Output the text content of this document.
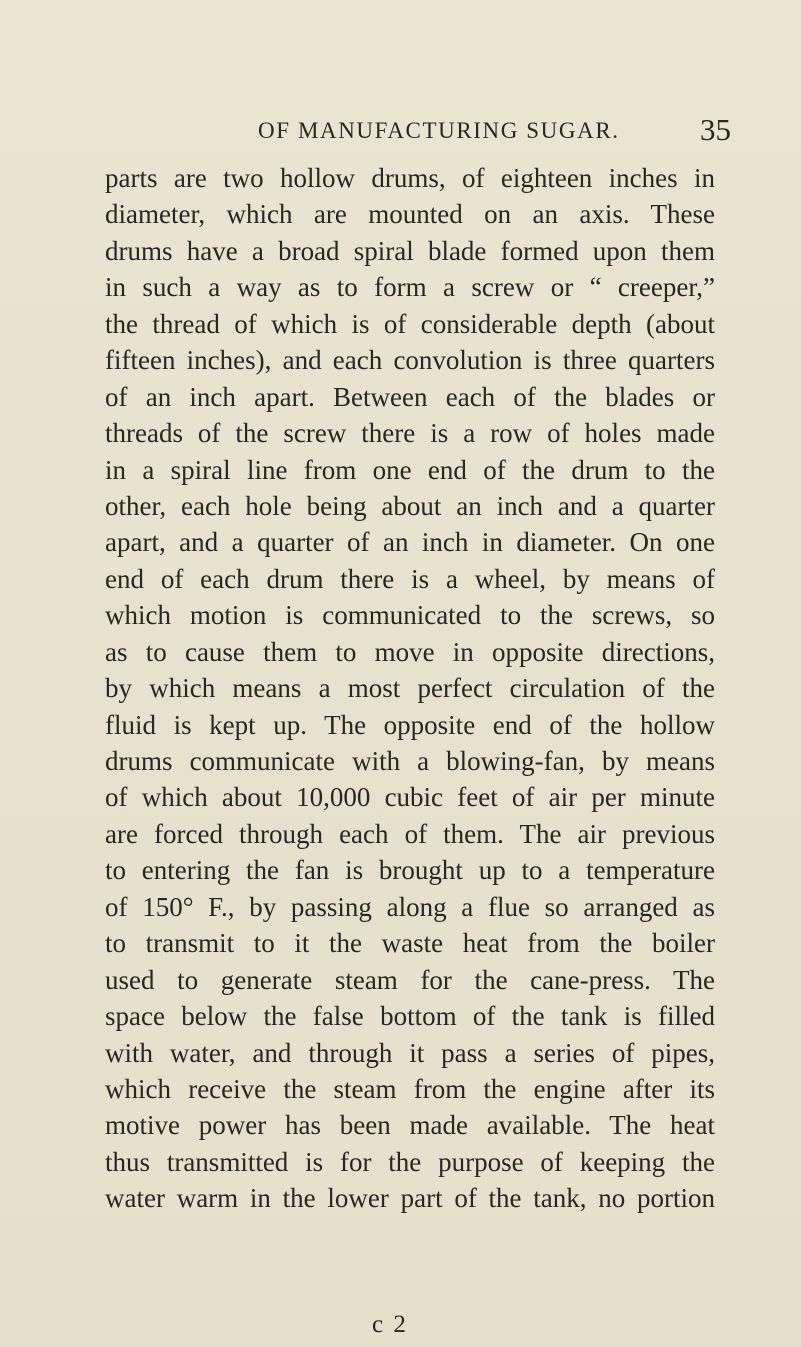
OF MANUFACTURING SUGAR.	35
parts are two hollow drums, of eighteen inches in
diameter, which are mounted on an axis. These
drums have a broad spiral blade formed upon them
in such a way as to form a screw or “ creeper,”
the thread of which is of considerable depth (about
fifteen inches), and each convolution is three quarters
of an inch apart. Between each of the blades or
threads of the screw there is a row of holes made
in a spiral line from one end of the drum to the
other, each hole being about an inch and a quarter
apart, and a quarter of an inch in diameter. On one
end of each drum there is a wheel, by means of
which motion is communicated to the screws, so
as to cause them to move in opposite directions,
by which means a most perfect circulation of the
fluid is kept up. The opposite end of the hollow
drums communicate with a blowing-fan, by means
of which about 10,000 cubic feet of air per minute
are forced through each of them. The air previous
to entering the fan is brought up to a temperature
of 150° F., by passing along a flue so arranged as
to transmit to it the waste heat from the boiler
used to generate steam for the cane-press. The
space below the false bottom of the tank is filled
with water, and through it pass a series of pipes,
which receive the steam from the engine after its
motive power has been made available. The heat
thus transmitted is for the purpose of keeping the
water warm in the lower part of the tank, no portion
c 2
